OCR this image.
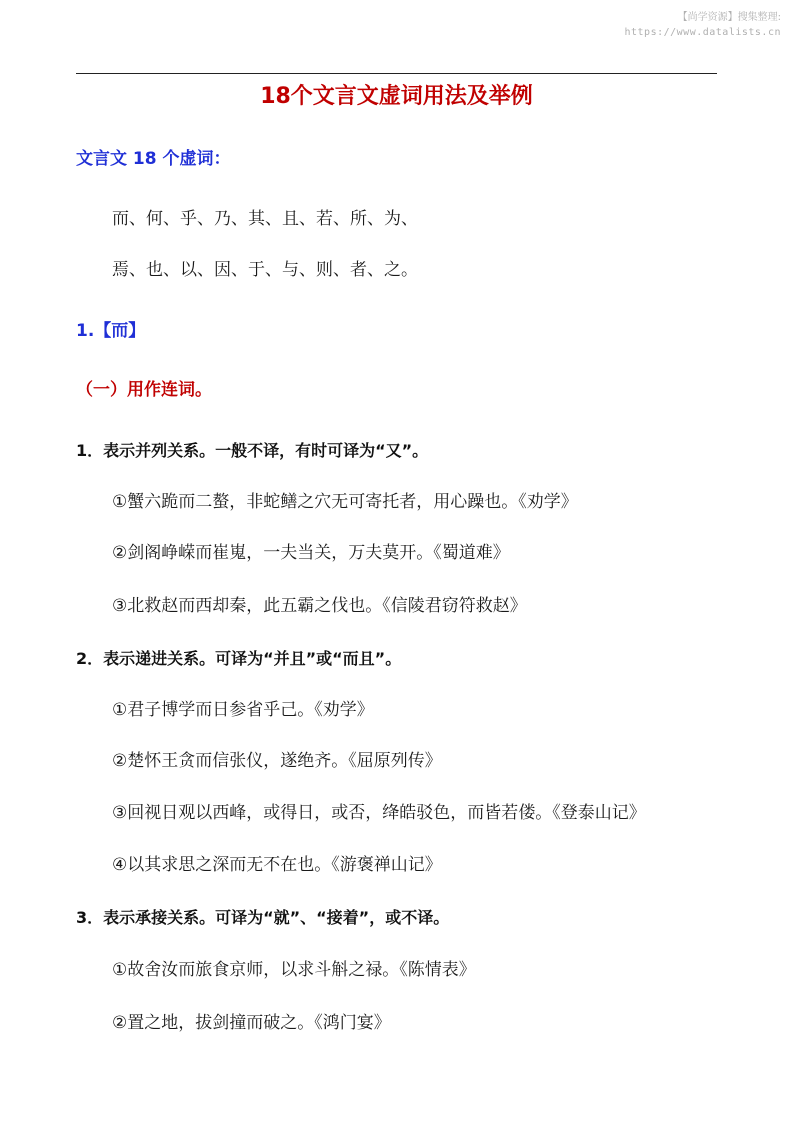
【尚学资源】搜集整理:
https://www.datalists.cn
18个文言文虚词用法及举例
文言文 18 个虚词：
而、何、乎、乃、其、且、若、所、为、
焉、也、以、因、于、与、则、者、之。
1.【而】
（一）用作连词。
1．表示并列关系。一般不译，有时可译为“又”。
①蟹六跪而二螯，非蛇鳝之穴无可寄托者，用心躁也。《劝学》
②剑阁峥嵘而崔嵬，一夫当关，万夫莫开。《蜀道难》
③北救赵而西却秦，此五霸之伐也。《信陵君窃符救赵》
2．表示递进关系。可译为“并且”或“而且”。
①君子博学而日参省乎己。《劝学》
②楚怀王贪而信张仪，遂绝齐。《屈原列传》
③回视日观以西峰，或得日，或否，绛皓驳色，而皆若偻。《登泰山记》
④以其求思之深而无不在也。《游褒禅山记》
3．表示承接关系。可译为“就”、“接着”，或不译。
①故舍汝而旅食京师，以求斗斛之禄。《陈情表》
②置之地，拔剑撞而破之。《鸿门宴》
